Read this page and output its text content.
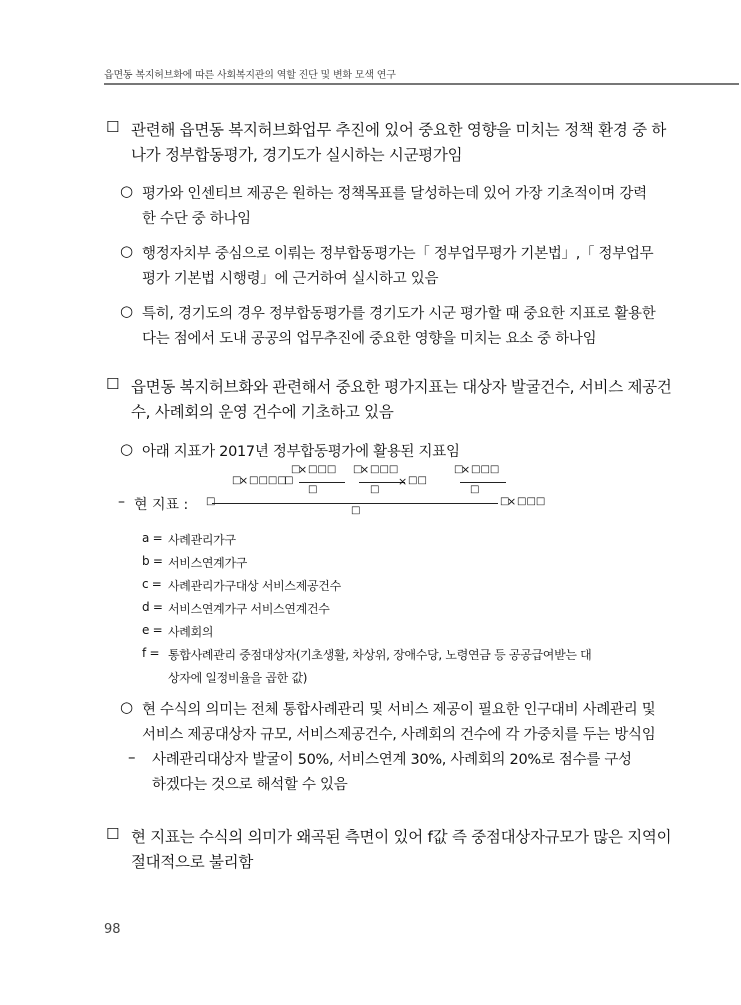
읍면동 복지허브화에 따른 사회복지관의 역할 진단 및 변화 모색 연구
☐ 관련해 읍면동 복지허브화업무 추진에 있어 중요한 영향을 미치는 정책 환경 중 하
나가 정부합동평가, 경기도가 실시하는 시군평가임
○ 평가와 인센티브 제공은 원하는 정책목표를 달성하는데 있어 가장 기초적이며 강력
한 수단 중 하나임
○ 행정자치부 중심으로 이뤄는 정부합동평가는「 정부업무평가 기본법」,「 정부업무
평가 기본법 시행령」에 근거하여 실시하고 있음
○ 특히, 경기도의 경우 정부합동평가를 경기도가 시군 평가할 때 중요한 지표로 활용한
다는 점에서 도내 공공의 업무추진에 중요한 영향을 미치는 요소 중 하나임
☐ 읍면동 복지허브화와 관련해서 중요한 평가지표는 대상자 발굴건수, 서비스 제공건
수, 사례회의 운영 건수에 기초하고 있음
○ 아래 지표가 2017년 정부합동평가에 활용된 지표임
– 현 지표 : □
□
□
× □□□□
□
□
× □□□
□
□
× □□□
□
× □□
□
× □□□
□
□
× □□□
a = 사례관리가구
b = 서비스연계가구
c = 사례관리가구대상 서비스제공건수
d = 서비스연계가구 서비스연계건수
e = 사례회의
f = 통합사례관리 중점대상자(기초생활, 차상위, 장애수당, 노령연금 등 공공급여받는 대
상자에 일정비율을 곱한 값)
○ 현 수식의 의미는 전체 통합사례관리 및 서비스 제공이 필요한 인구대비 사례관리 및
서비스 제공대상자 규모, 서비스제공건수, 사례회의 건수에 각 가중치를 두는 방식임
– 사례관리대상자 발굴이 50%, 서비스연계 30%, 사례회의 20%로 점수를 구성
하겠다는 것으로 해석할 수 있음
☐ 현 지표는 수식의 의미가 왜곡된 측면이 있어 f값 즉 중점대상자규모가 많은 지역이
절대적으로 불리함
98
